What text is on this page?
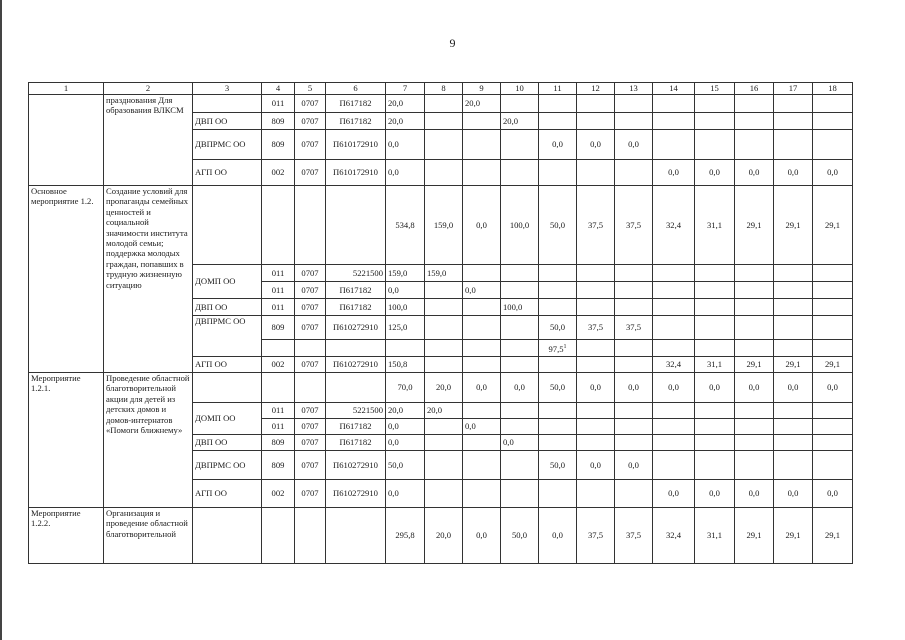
9
1	2	3	4	5	6	7	8	9	10	11	12	13	14	15	16	17	18
	празднования Для образования ВЛКСМ		011	0707	П617182	20,0		20,0									
		ДВП ОО	809	0707	П617182	20,0			20,0								
		ДВПРМС ОО	809	0707	П610172910	0,0				0,0	0,0	0,0					
		АГП ОО	002	0707	П610172910	0,0							0,0	0,0	0,0	0,0	0,0
Основное мероприятие 1.2.	Создание условий для пропаганды семейных ценностей и социальной значимости института молодой семьи; поддержка молодых граждан, попавших в трудную жизненную ситуацию					534,8	159,0	0,0	100,0	50,0	37,5	37,5	32,4	31,1	29,1	29,1	29,1
		ДОМП ОО	011	0707	5221500	159,0	159,0										
			011	0707	П617182	0,0		0,0									
		ДВП ОО	011	0707	П617182	100,0			100,0								
		ДВПРМС ОО	809	0707	П610272910	125,0				50,0	37,5	37,5					
										97,5$^1$							
		АГП ОО	002	0707	П610272910	150,8							32,4	31,1	29,1	29,1	29,1
Мероприятие 1.2.1.	Проведение областной благотворительной акции для детей из детских домов и домов-интернатов «Помоги ближнему»					70,0	20,0	0,0	0,0	50,0	0,0	0,0	0,0	0,0	0,0	0,0	0,0
		ДОМП ОО	011	0707	5221500	20,0	20,0										
			011	0707	П617182	0,0		0,0									
		ДВП ОО	809	0707	П617182	0,0			0,0								
		ДВПРМС ОО	809	0707	П610272910	50,0				50,0	0,0	0,0					
		АГП ОО	002	0707	П610272910	0,0							0,0	0,0	0,0	0,0	0,0
Мероприятие 1.2.2.	Организация и проведение областной благотворительной					295,8	20,0	0,0	50,0	0,0	37,5	37,5	32,4	31,1	29,1	29,1	29,1
